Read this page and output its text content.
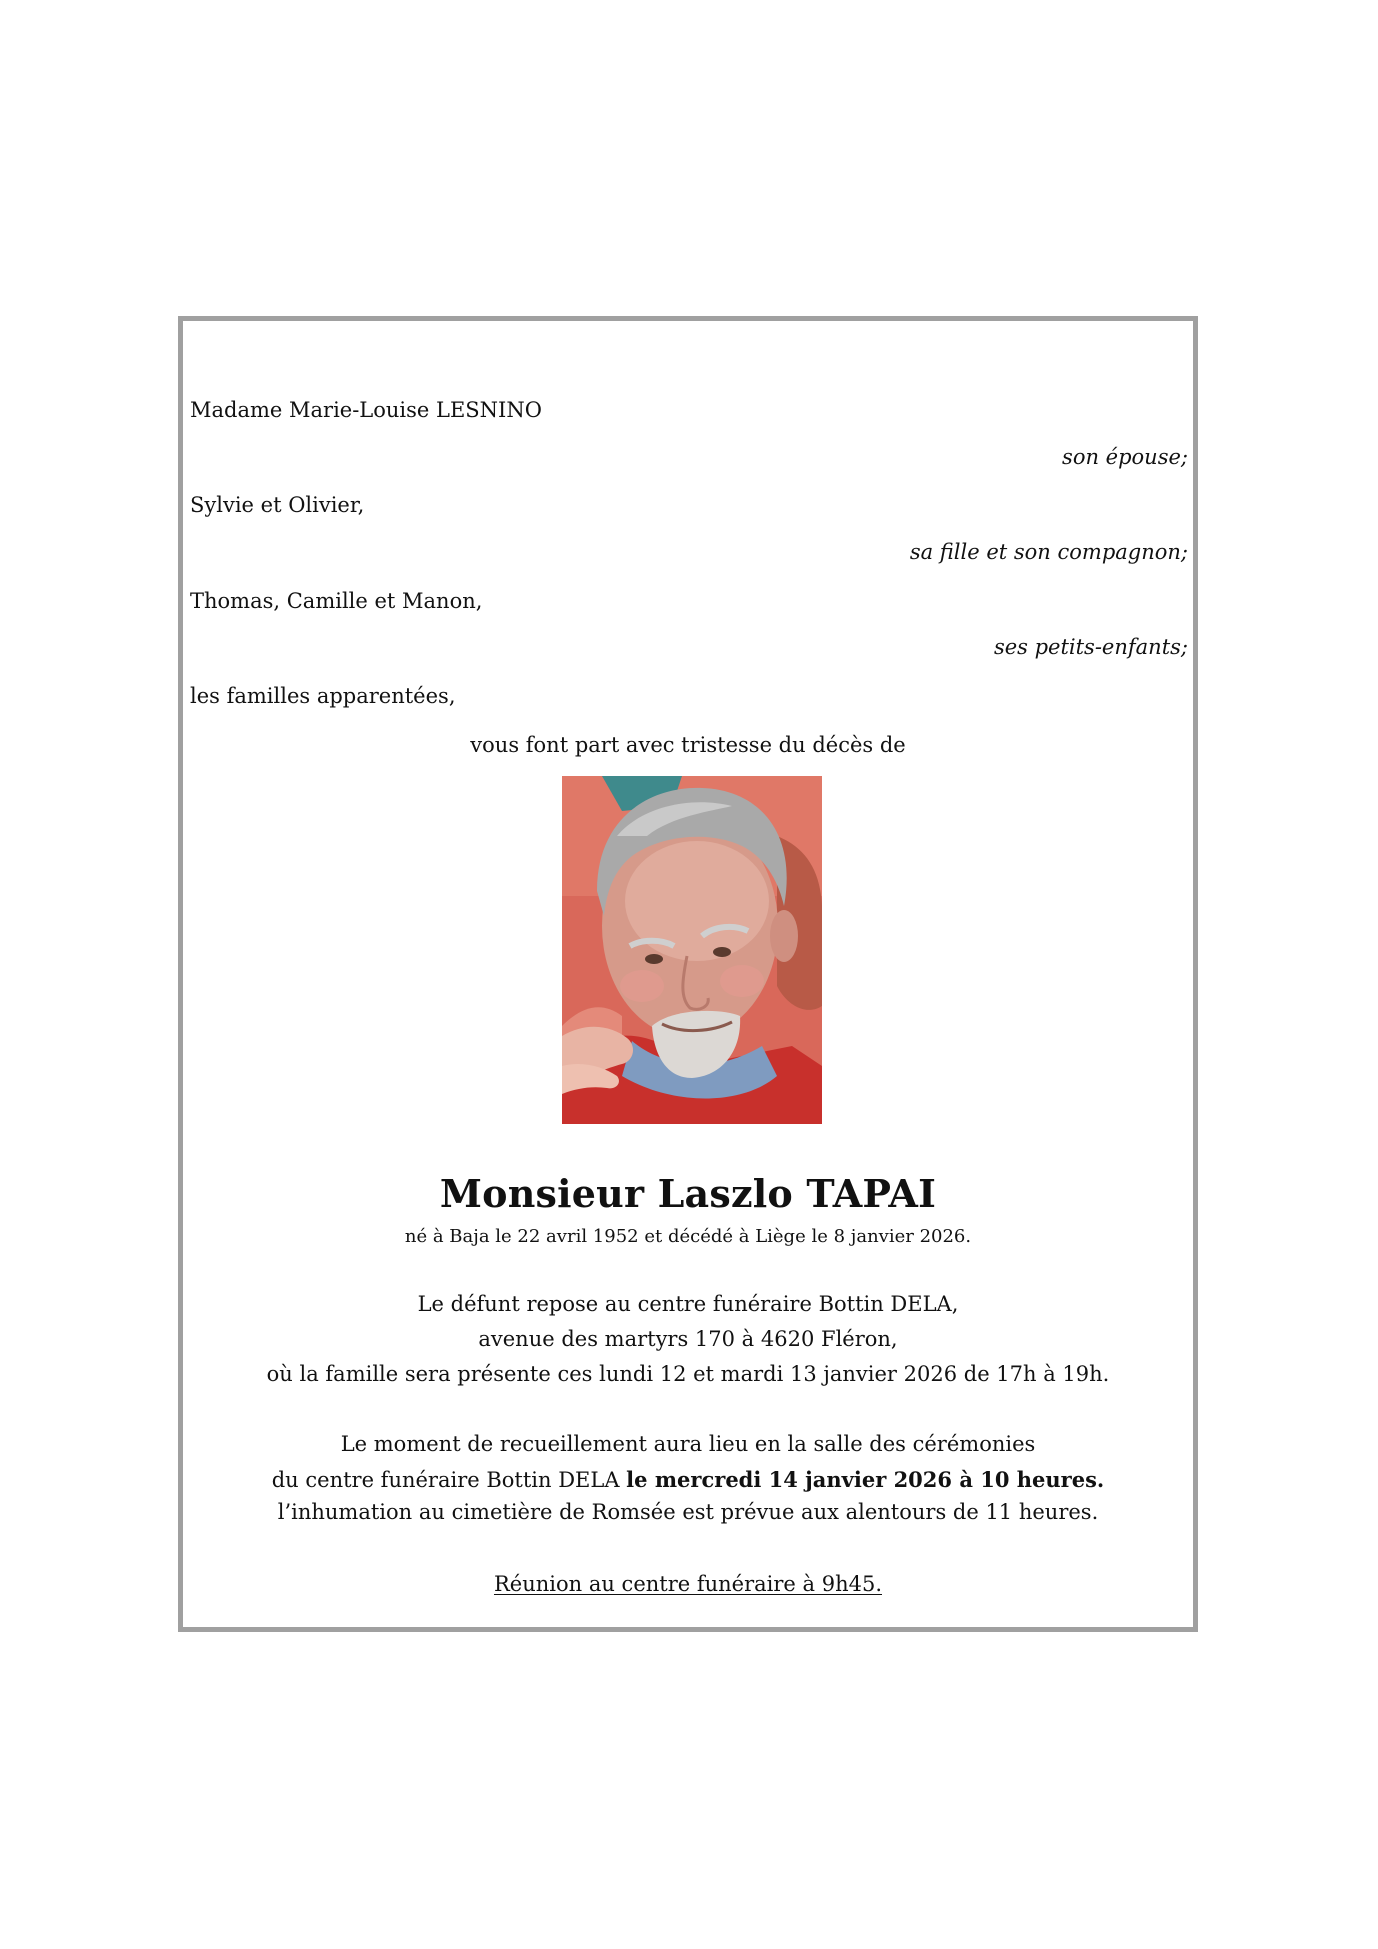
Madame Marie-Louise LESNINO
son épouse;
Sylvie et Olivier,
sa fille et son compagnon;
Thomas, Camille et Manon,
ses petits-enfants;
les familles apparentées,
vous font part avec tristesse du décès de
Monsieur Laszlo TAPAI
né à Baja le 22 avril 1952 et décédé à Liège le 8 janvier 2026.
Le défunt repose au centre funéraire Bottin DELA,
avenue des martyrs 170 à 4620 Fléron,
où la famille sera présente ces lundi 12 et mardi 13 janvier 2026 de 17h à 19h.
Le moment de recueillement aura lieu en la salle des cérémonies
du centre funéraire Bottin DELA le mercredi 14 janvier 2026 à 10 heures.
l’inhumation au cimetière de Romsée est prévue aux alentours de 11 heures.
Réunion au centre funéraire à 9h45.
